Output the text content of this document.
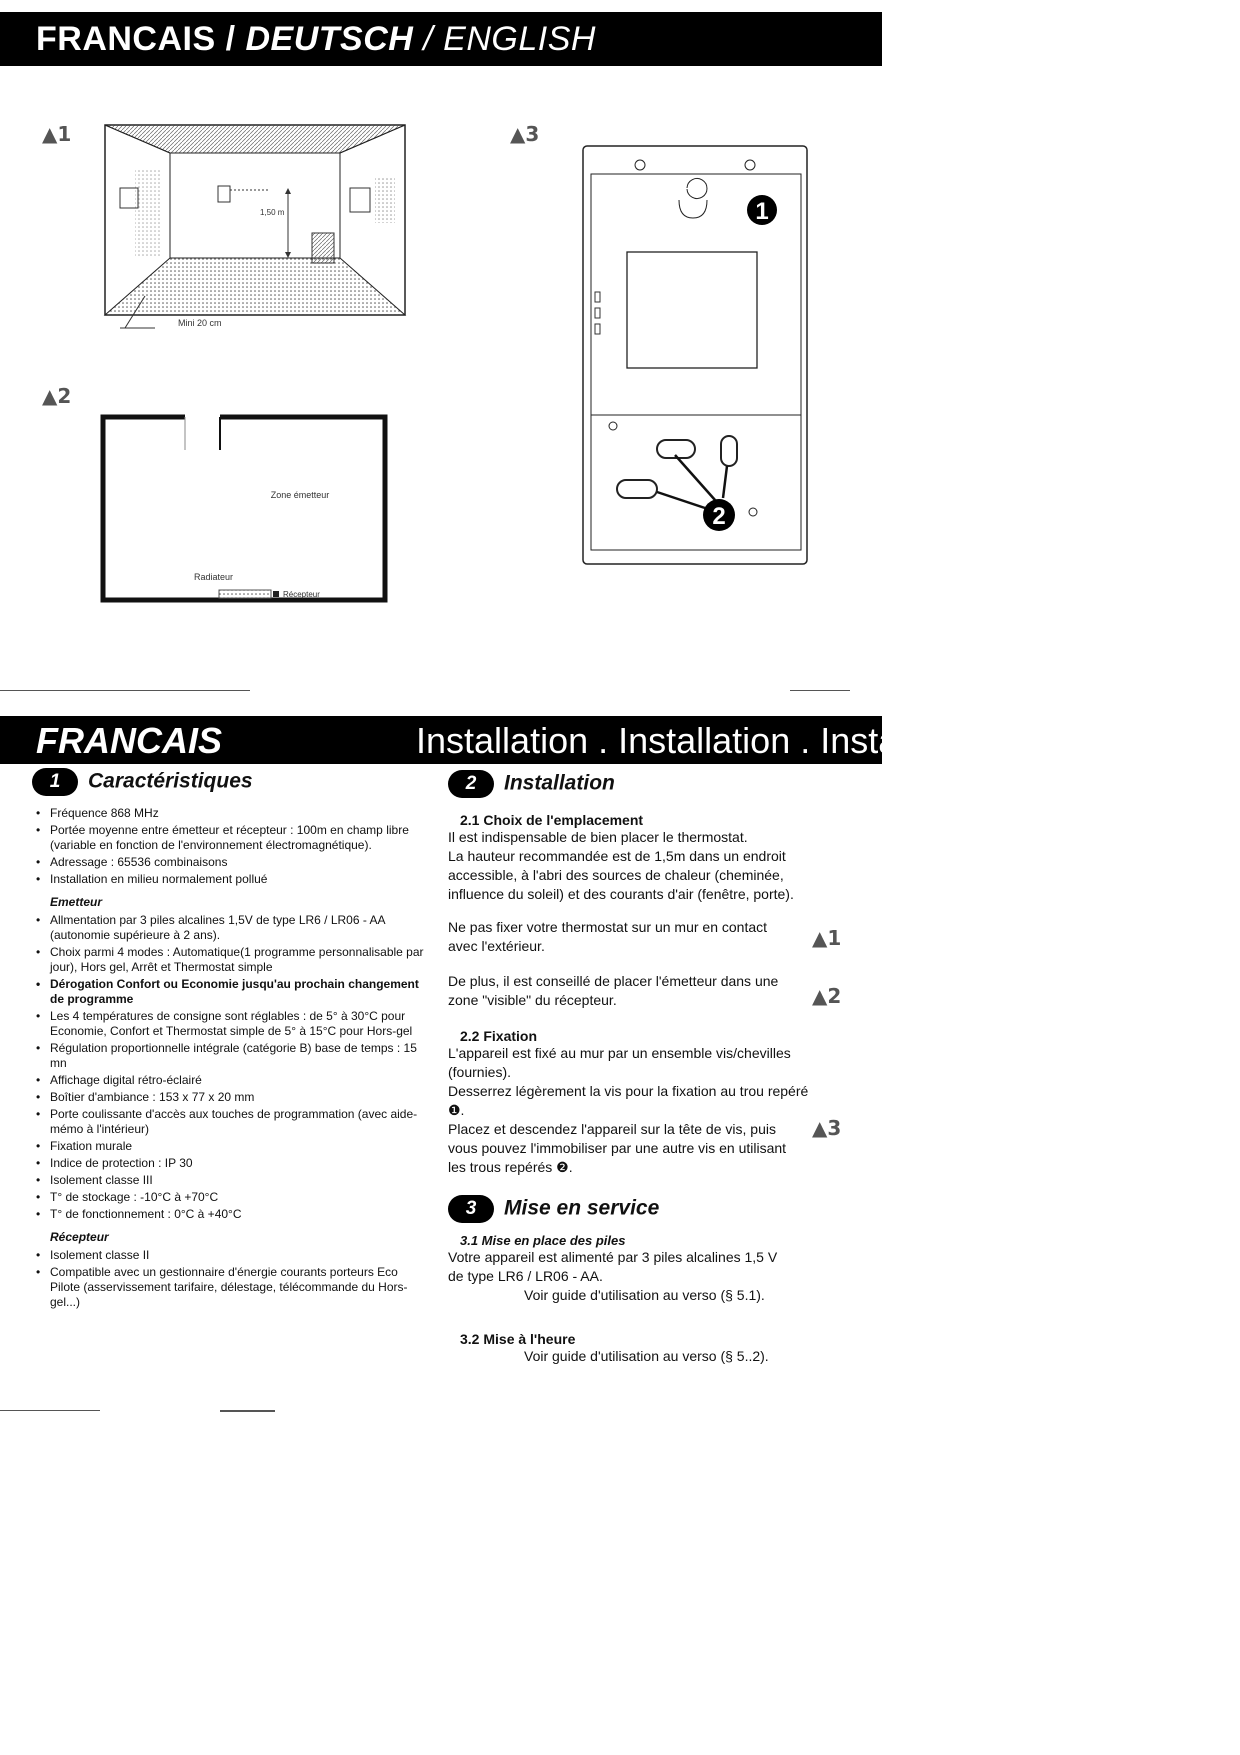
FRANCAIS / DEUTSCH / ENGLISH
▲1
1,50 m
Mini 20 cm
▲2
Zone émetteur
Radiateur
Récepteur
▲3
1
2
FRANCAIS	Installation . Installation . Install
1 Caractéristiques
• Fréquence 868 MHz
• Portée moyenne entre émetteur et récepteur : 100m en champ libre (variable en fonction de l'environnement électromagnétique).
• Adressage : 65536 combinaisons
• Installation en milieu normalement pollué
Emetteur
• Allmentation par 3 piles alcalines 1,5V de type LR6 / LR06 - AA (autonomie supérieure à 2 ans).
• Choix parmi 4 modes : Automatique(1 programme personnalisable par jour), Hors gel, Arrêt et Thermostat simple
• Dérogation Confort ou Economie jusqu'au prochain changement de programme
• Les 4 températures de consigne sont réglables : de 5° à 30°C pour Economie, Confort et Thermostat simple de 5° à 15°C pour Hors-gel
• Régulation proportionnelle intégrale (catégorie B) base de temps : 15 mn
• Affichage digital rétro-éclairé
• Boîtier d'ambiance : 153 x 77 x 20 mm
• Porte coulissante d'accès aux touches de programmation (avec aide-mémo à l'intérieur)
• Fixation murale
• Indice de protection : IP 30
• Isolement classe III
• T° de stockage : -10°C à +70°C
• T° de fonctionnement : 0°C à +40°C
Récepteur
• Isolement classe II
• Compatible avec un gestionnaire d'énergie courants porteurs Eco Pilote (asservissement tarifaire, délestage, télécommande du Hors-gel...)
2 Installation
2.1 Choix de l'emplacement
Il est indispensable de bien placer le thermostat.
La hauteur recommandée est de 1,5m dans un endroit accessible, à l'abri des sources de chaleur (cheminée, influence du soleil) et des courants d'air (fenêtre, porte).
Ne pas fixer votre thermostat sur un mur en contact avec l'extérieur.
De plus, il est conseillé de placer l'émetteur dans une zone "visible" du récepteur.
2.2 Fixation
L'appareil est fixé au mur par un ensemble vis/chevilles (fournies).
Desserrez légèrement la vis pour la fixation au trou repéré ❶.
Placez et descendez l'appareil sur la tête de vis, puis vous pouvez l'immobiliser par une autre vis en utilisant les trous repérés ❷.
3 Mise en service
3.1 Mise en place des piles
Votre appareil est alimenté par 3 piles alcalines 1,5 V de type LR6 / LR06 - AA.
Voir guide d'utilisation au verso (§ 5.1).
3.2 Mise à l'heure
Voir guide d'utilisation au verso (§ 5..2).
▲1
▲2
▲3
